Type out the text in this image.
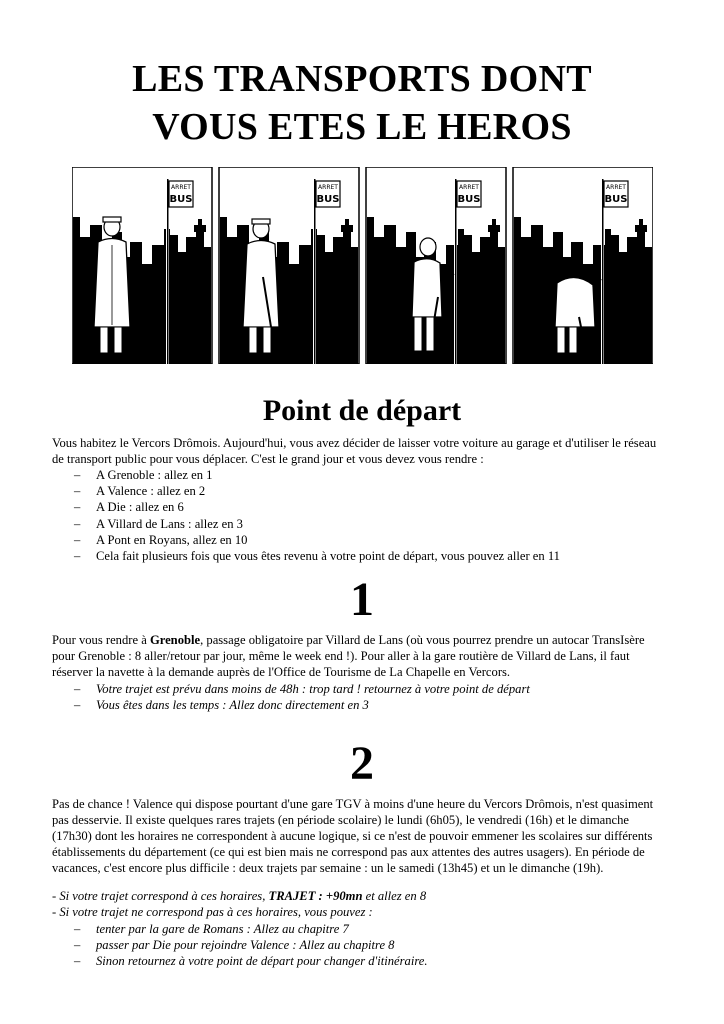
LES TRANSPORTS DONT
VOUS ETES LE HEROS
ARRET
BUS
ARRET
BUS
ARRET
BUS
ARRET
BUS
Point de départ

Vous habitez le Vercors Drômois. Aujourd'hui, vous avez décider de laisser votre voiture au garage et d'utiliser le réseau de transport public pour vous déplacer. C'est le grand jour et vous devez vous rendre :

– A Grenoble : allez en 1
– A Valence : allez en 2
– A Die : allez en 6
– A Villard de Lans : allez en 3
– A Pont en Royans, allez en 10
– Cela fait plusieurs fois que vous êtes revenu à votre point de départ, vous pouvez aller en 11
1

Pour vous rendre à Grenoble, passage obligatoire par Villard de Lans (où vous pourrez prendre un autocar TransIsère pour Grenoble : 8 aller/retour par jour, même le week end !). Pour aller à la gare routière de Villard de Lans, il faut réserver la navette à la demande auprès de l'Office de Tourisme de La Chapelle en Vercors.

– Votre trajet est prévu dans moins de 48h : trop tard ! retournez à votre point de départ
– Vous êtes dans les temps : Allez donc directement en 3
2

Pas de chance ! Valence qui dispose pourtant d'une gare TGV à moins d'une heure du Vercors Drômois, n'est quasiment pas desservie. Il existe quelques rares trajets (en période scolaire) le lundi (6h05), le vendredi (16h) et le dimanche (17h30) dont les horaires ne correspondent à aucune logique, si ce n'est de pouvoir emmener les scolaires sur différents établissements du département (ce qui est bien mais ne correspond pas aux attentes des autres usagers). En période de vacances, c'est encore plus difficile : deux trajets par semaine : un le samedi (13h45) et un le dimanche (19h).

- Si votre trajet correspond à ces horaires, TRAJET : +90mn et allez en 8
- Si votre trajet ne correspond pas à ces horaires, vous pouvez :
– tenter par la gare de Romans : Allez au chapitre 7
– passer par Die pour rejoindre Valence : Allez au chapitre 8
– Sinon retournez à votre point de départ pour changer d'itinéraire.
